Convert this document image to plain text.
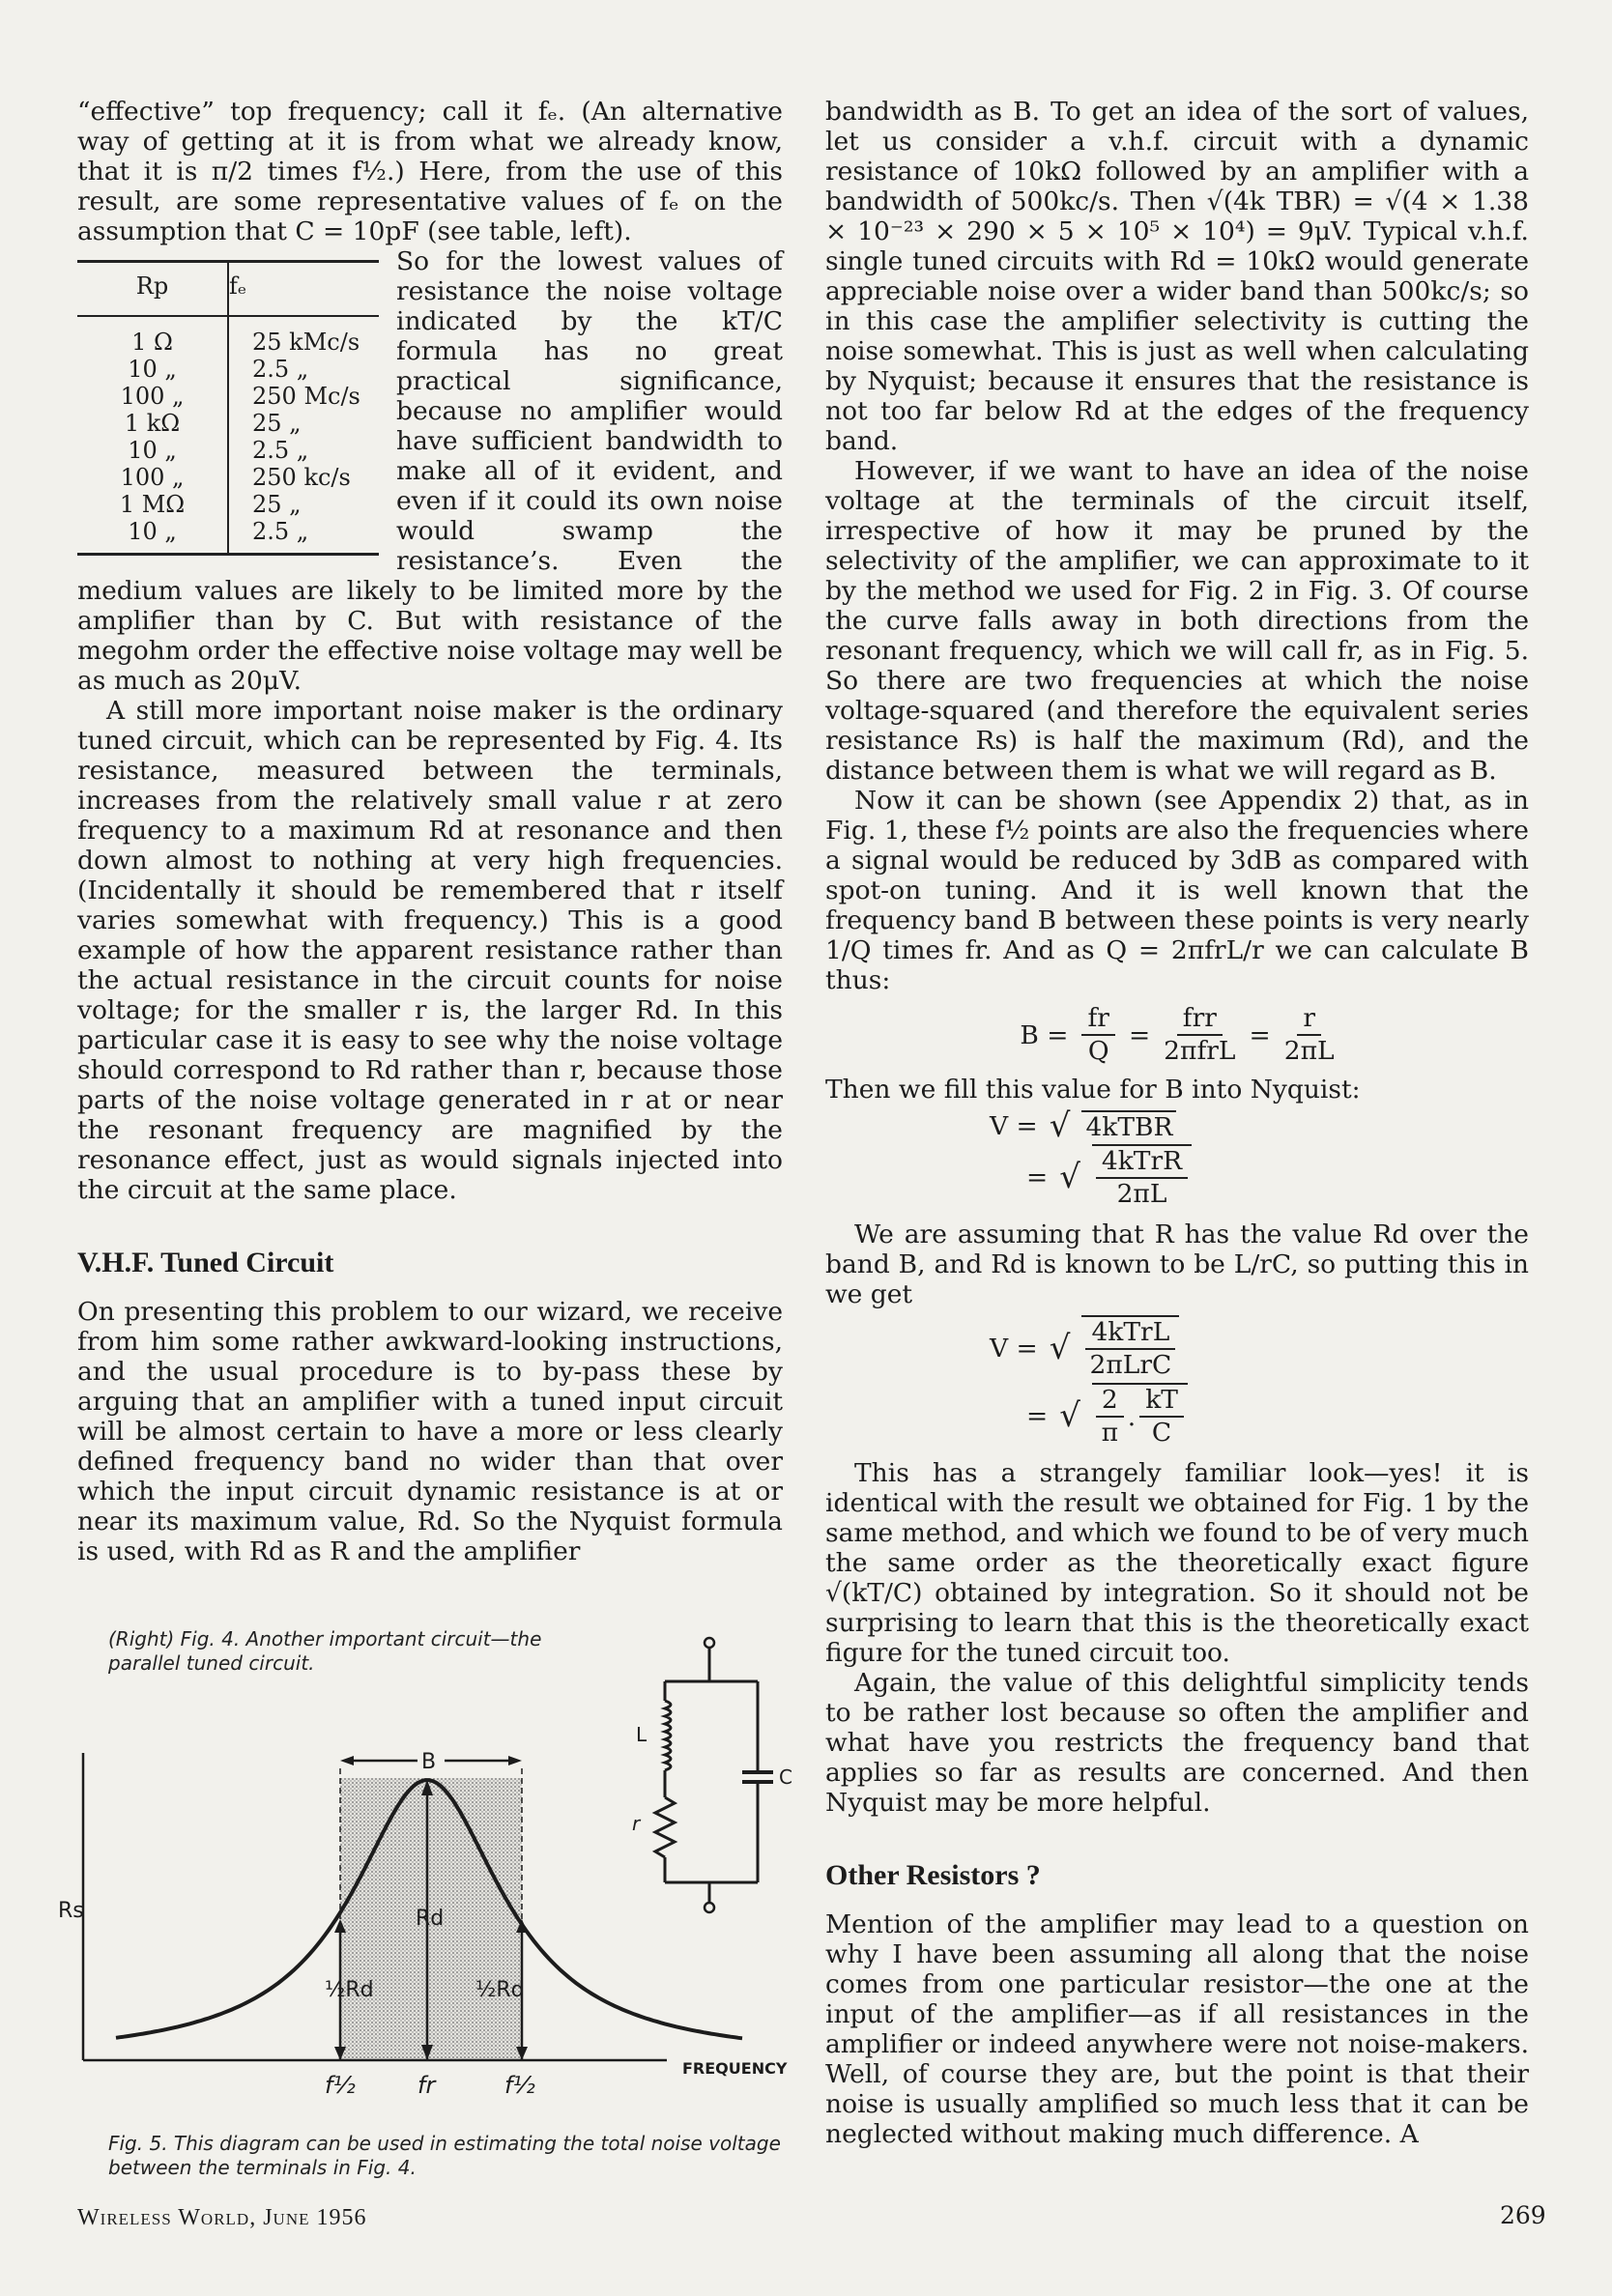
“effective” top frequency; call it fₑ. (An alternative way of getting at it is from what we already know, that it is π/2 times f½.) Here, from the use of this result, are some representative values of fₑ on the assumption that C = 10pF (see table, left).

Rp	fₑ
1 Ω	25 kMc/s
10 „	2.5 „
100 „	250 Mc/s
1 kΩ	25 „
10 „	2.5 „
100 „	250 kc/s
1 MΩ	25 „
10 „	2.5 „

So for the lowest values of resistance the noise voltage indicated by the kT/C formula has no great practical significance, because no amplifier would have sufficient bandwidth to make all of it evident, and even if it could its own noise would swamp the resistance’s. Even the medium values are likely to be limited more by the amplifier than by C. But with resistance of the megohm order the effective noise voltage may well be as much as 20μV.

A still more important noise maker is the ordinary tuned circuit, which can be represented by Fig. 4. Its resistance, measured between the terminals, increases from the relatively small value r at zero frequency to a maximum Rd at resonance and then down almost to nothing at very high frequencies. (Incidentally it should be remembered that r itself varies somewhat with frequency.) This is a good example of how the apparent resistance rather than the actual resistance in the circuit counts for noise voltage; for the smaller r is, the larger Rd. In this particular case it is easy to see why the noise voltage should correspond to Rd rather than r, because those parts of the noise voltage generated in r at or near the resonant frequency are magnified by the resonance effect, just as would signals injected into the circuit at the same place.

V.H.F. Tuned Circuit

On presenting this problem to our wizard, we receive from him some rather awkward-looking instructions, and the usual procedure is to by-pass these by arguing that an amplifier with a tuned input circuit will be almost certain to have a more or less clearly defined frequency band no wider than that over which the input circuit dynamic resistance is at or near its maximum value, Rd. So the Nyquist formula is used, with Rd as R and the amplifier

(Right) Fig. 4. Another important circuit—the parallel tuned circuit.
Fig. 5. This diagram can be used in estimating the total noise voltage between the terminals in Fig. 4.
L
C
r
B
Rs	Rd
½Rd	½Rd
f½	fr	f½
FREQUENCY

bandwidth as B. To get an idea of the sort of values, let us consider a v.h.f. circuit with a dynamic resistance of 10kΩ followed by an amplifier with a bandwidth of 500kc/s. Then √(4k TBR) = √(4 × 1.38 × 10⁻²³ × 290 × 5 × 10⁵ × 10⁴) = 9μV. Typical v.h.f. single tuned circuits with Rd = 10kΩ would generate appreciable noise over a wider band than 500kc/s; so in this case the amplifier selectivity is cutting the noise somewhat. This is just as well when calculating by Nyquist; because it ensures that the resistance is not too far below Rd at the edges of the frequency band.

However, if we want to have an idea of the noise voltage at the terminals of the circuit itself, irrespective of how it may be pruned by the selectivity of the amplifier, we can approximate to it by the method we used for Fig. 2 in Fig. 3. Of course the curve falls away in both directions from the resonant frequency, which we will call fr, as in Fig. 5. So there are two frequencies at which the noise voltage-squared (and therefore the equivalent series resistance Rs) is half the maximum (Rd), and the distance between them is what we will regard as B.

Now it can be shown (see Appendix 2) that, as in Fig. 1, these f½ points are also the frequencies where a signal would be reduced by 3dB as compared with spot-on tuning. And it is well known that the frequency band B between these points is very nearly 1/Q times fr. And as Q = 2πfrL/r we can calculate B thus:

$B = \frac{fr}{Q} = \frac{\text{frr}}{\text{2πfrL}} = \frac{r}{2\pi L}$

Then we fill this value for B into Nyquist:

V = √ 4kTBR
= √ $\frac{\text{4kTrR}}{2\pi L}$

We are assuming that R has the value Rd over the band B, and Rd is known to be L/rC, so putting this in we get

V = √ $\frac{\text{4kTrL}}{\text{2πLrC}}$
= √ $\frac{2}{\pi}$ . $\frac{kT}{C}$

This has a strangely familiar look—yes! it is identical with the result we obtained for Fig. 1 by the same method, and which we found to be of very much the same order as the theoretically exact figure √(kT/C) obtained by integration. So it should not be surprising to learn that this is the theoretically exact figure for the tuned circuit too.

Again, the value of this delightful simplicity tends to be rather lost because so often the amplifier and what have you restricts the frequency band that applies so far as results are concerned. And then Nyquist may be more helpful.

Other Resistors ?

Mention of the amplifier may lead to a question on why I have been assuming all along that the noise comes from one particular resistor—the one at the input of the amplifier—as if all resistances in the amplifier or indeed anywhere were not noise-makers. Well, of course they are, but the point is that their noise is usually amplified so much less that it can be neglected without making much difference. A

Wireless World, June 1956	269
